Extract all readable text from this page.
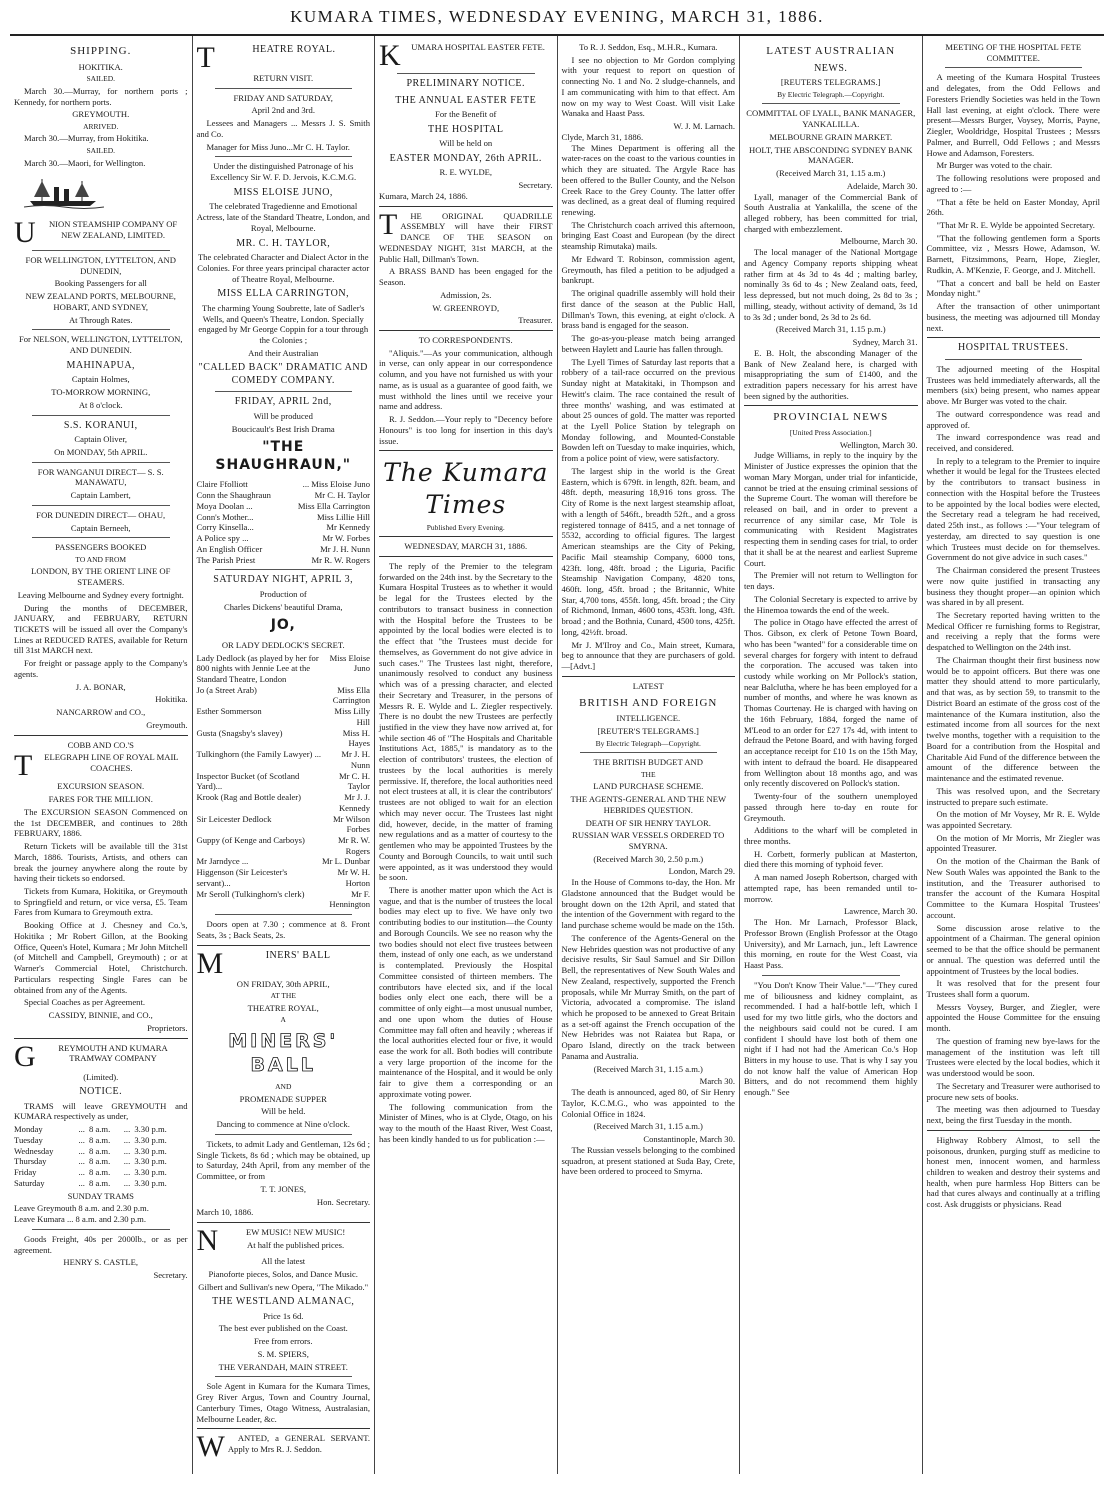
KUMARA TIMES, WEDNESDAY EVENING, MARCH 31, 1886.
SHIPPING.
HOKITIKA.
SAILED.

March 30.—Murray, for northern ports ; Kennedy, for northern ports.

GREYMOUTH.
ARRIVED.

March 30.—Murray, from Hokitika.

SAILED.

March 30.—Maori, for Wellington.

U	NION STEAMSHIP COMPANY OF NEW ZEALAND, LIMITED.
FOR WELLINGTON, LYTTELTON, AND DUNEDIN,
Booking Passengers for all
NEW ZEALAND PORTS, MELBOURNE, HOBART, AND SYDNEY,
At Through Rates.
For NELSON, WELLINGTON, LYTTELTON, AND DUNEDIN.
MAHINAPUA,
Captain Holmes,
TO-MORROW MORNING,
At 8 o'clock.
S.S. KORANUI,
Captain Oliver,
On MONDAY, 5th APRIL.
FOR WANGANUI DIRECT— S. S. MANAWATU,
Captain Lambert,
FOR DUNEDIN DIRECT— OHAU,
Captain Berneeh,
PASSENGERS BOOKED
TO AND FROM
LONDON, BY THE ORIENT LINE OF STEAMERS.
Leaving Melbourne and Sydney every fortnight.

During the months of DECEMBER, JANUARY, and FEBRUARY, RETURN TICKETS will be issued all over the Company's Lines at REDUCED RATES, available for Return till 31st MARCH next.

For freight or passage apply to the Company's agents.

J. A. BONAR,
Hokitika.
NANCARROW and CO.,
Greymouth.
COBB AND CO.'S
T	ELEGRAPH LINE OF ROYAL MAIL COACHES.
EXCURSION SEASON.
FARES FOR THE MILLION.

The EXCURSION SEASON Commenced on the 1st DECEMBER, and continues to 28th FEBRUARY, 1886.

Return Tickets will be available till the 31st March, 1886. Tourists, Artists, and others can break the journey anywhere along the route by having their tickets so endorsed.

Tickets from Kumara, Hokitika, or Greymouth to Springfield and return, or vice versa, £5. Team Fares from Kumara to Greymouth extra.

Booking Office at J. Chesney and Co.'s, Hokitika ; Mr Robert Gillon, at the Booking Office, Queen's Hotel, Kumara ; Mr John Mitchell (of Mitchell and Campbell, Greymouth) ; or at Warner's Commercial Hotel, Christchurch. Particulars respecting Single Fares can be obtained from any of the Agents.

Special Coaches as per Agreement.

CASSIDY, BINNIE, and CO.,
Proprietors.
G	REYMOUTH AND KUMARA TRAMWAY COMPANY
(Limited).
NOTICE.

TRAMS will leave GREYMOUTH and KUMARA respectively as under,

Monday	...	8 a.m.	...	3.30 p.m.
Tuesday	...	8 a.m.	...	3.30 p.m.
Wednesday	...	8 a.m.	...	3.30 p.m.
Thursday	...	8 a.m.	...	3.30 p.m.
Friday	...	8 a.m.	...	3.30 p.m.
Saturday	...	8 a.m.	...	3.30 p.m.
SUNDAY TRAMS
Leave Greymouth 8 a.m. and 2.30 p.m.
Leave Kumara ... 8 a.m. and 2.30 p.m.

Goods Freight, 40s per 2000lb., or as per agreement.

HENRY S. CASTLE,
Secretary.
T	HEATRE ROYAL.
RETURN VISIT.
FRIDAY AND SATURDAY,
April 2nd and 3rd.

Lessees and Managers ... Messrs J. S. Smith and Co.

Manager for Miss Juno...Mr C. H. Taylor.

Under the distinguished Patronage of his Excellency Sir W. F. D. Jervois, K.C.M.G.
MISS ELOISE JUNO,
The celebrated Tragedienne and Emotional Actress, late of the Standard Theatre, London, and Royal, Melbourne.
MR. C. H. TAYLOR,
The celebrated Character and Dialect Actor in the Colonies. For three years principal character actor of Theatre Royal, Melbourne.
MISS ELLA CARRINGTON,
The charming Young Soubrette, late of Sadler's Wells, and Queen's Theatre, London. Specially engaged by Mr George Coppin for a tour through the Colonies ;
And their Australian
"CALLED BACK" DRAMATIC AND COMEDY COMPANY.
FRIDAY, APRIL 2nd,
Will be produced
Boucicault's Best Irish Drama
"THE SHAUGHRAUN,"
Claire Ffolliott	... Miss Eloise Juno
Conn the Shaughraun	Mr C. H. Taylor
Moya Doolan ...	Miss Ella Carrington
Conn's Mother...	Miss Lillie Hill
Corry Kinsella...	Mr Kennedy
A Police spy ...	Mr W. Forbes
An English Officer	Mr J. H. Nunn
The Parish Priest	Mr R. W. Rogers
SATURDAY NIGHT, APRIL 3,
Production of
Charles Dickens' beautiful Drama,
JO,
OR LADY DEDLOCK'S SECRET.
Lady Dedlock (as played by her for 800 nights with Jennie Lee at the Standard Theatre, London	Miss Eloise Juno
Jo (a Street Arab)	Miss Ella Carrington
Esther Sommerson	Miss Lilly Hill
Gusta (Snagsby's slavey)	Miss H. Hayes
Tulkinghorn (the Family Lawyer) ...	Mr J. H. Nunn
Inspector Bucket (of Scotland Yard)...	Mr C. H. Taylor
Krook (Rag and Bottle dealer)	Mr J. J. Kennedy
Sir Leicester Dedlock	Mr Wilson Forbes
Guppy (of Kenge and Carboys)	Mr R. W. Rogers
Mr Jarndyce ...	Mr L. Dunbar
Higgenson (Sir Leicester's servant)...	Mr W. H. Horton
Mr Seroll (Tulkinghorn's clerk)	Mr F. Hennington

Doors open at 7.30 ; commence at 8. Front Seats, 3s ; Back Seats, 2s.

M	INERS' BALL
ON FRIDAY, 30th APRIL,
AT THE
THEATRE ROYAL,
A
MINERS' BALL
AND
PROMENADE SUPPER
Will be held.
Dancing to commence at Nine o'clock.

Tickets, to admit Lady and Gentleman, 12s 6d ; Single Tickets, 8s 6d ; which may be obtained, up to Saturday, 24th April, from any member of the Committee, or from

T. T. JONES,
Hon. Secretary.
March 10, 1886.
N	EW MUSIC! NEW MUSIC!
At half the published prices.
All the latest
Pianoforte pieces, Solos, and Dance Music.
Gilbert and Sullivan's new Opera, "The Mikado."
THE WESTLAND ALMANAC,
Price 1s 6d.
The best ever published on the Coast.
Free from errors.
S. M. SPIERS,
THE VERANDAH, MAIN STREET.

Sole Agent in Kumara for the Kumara Times, Grey River Argus, Town and Country Journal, Canterbury Times, Otago Witness, Australasian, Melbourne Leader, &c.

W	ANTED, a GENERAL SERVANT. Apply to Mrs R. J. Seddon.

K	UMARA HOSPITAL EASTER FETE.
PRELIMINARY NOTICE.
THE ANNUAL EASTER FETE
For the Benefit of
THE HOSPITAL
Will be held on
EASTER MONDAY, 26th APRIL.
R. E. WYLDE,
Secretary.
Kumara, March 24, 1886.
T	HE ORIGINAL QUADRILLE ASSEMBLY will have their FIRST DANCE OF THE SEASON on WEDNESDAY NIGHT, 31st MARCH, at the Public Hall, Dillman's Town.

A BRASS BAND has been engaged for the Season.

Admission, 2s.
W. GREENROYD,
Treasurer.
TO CORRESPONDENTS.

"Aliquis."—As your communication, although in verse, can only appear in our correspondence column, and you have not furnished us with your name, as is usual as a guarantee of good faith, we must withhold the lines until we receive your name and address.

R. J. Seddon.—Your reply to "Decency before Honours" is too long for insertion in this day's issue.

The Kumara Times
Published Every Evening.
WEDNESDAY, MARCH 31, 1886.

The reply of the Premier to the telegram forwarded on the 24th inst. by the Secretary to the Kumara Hospital Trustees as to whether it would be legal for the Trustees elected by the contributors to transact business in connection with the Hospital before the Trustees to be appointed by the local bodies were elected is to the effect that "the Trustees must decide for themselves, as Government do not give advice in such cases." The Trustees last night, therefore, unanimously resolved to conduct any business which was of a pressing character, and elected their Secretary and Treasurer, in the persons of Messrs R. E. Wylde and L. Ziegler respectively. There is no doubt the new Trustees are perfectly justified in the view they have now arrived at, for while section 46 of "The Hospitals and Charitable Institutions Act, 1885," is mandatory as to the election of contributors' trustees, the election of trustees by the local authorities is merely permissive. If, therefore, the local authorities need not elect trustees at all, it is clear the contributors' trustees are not obliged to wait for an election which may never occur. The Trustees last night did, however, decide, in the matter of framing new regulations and as a matter of courtesy to the gentlemen who may be appointed Trustees by the County and Borough Councils, to wait until such were appointed, as it was understood they would be soon.

There is another matter upon which the Act is vague, and that is the number of trustees the local bodies may elect up to five. We have only two contributing bodies to our institution—the County and Borough Councils. We see no reason why the two bodies should not elect five trustees between them, instead of only one each, as we understand is contemplated. Previously the Hospital Committee consisted of thirteen members. The contributors have elected six, and if the local bodies only elect one each, there will be a committee of only eight—a most unusual number, and one upon whom the duties of House Committee may fall often and heavily ; whereas if the local authorities elected four or five, it would ease the work for all. Both bodies will contribute a very large proportion of the income for the maintenance of the Hospital, and it would be only fair to give them a corresponding or an approximate voting power.

The following communication from the Minister of Mines, who is at Clyde, Otago, on his way to the mouth of the Haast River, West Coast, has been kindly handed to us for publication :—

To R. J. Seddon, Esq., M.H.R., Kumara.

I see no objection to Mr Gordon complying with your request to report on question of connecting No. 1 and No. 2 sludge-channels, and I am communicating with him to that effect. Am now on my way to West Coast. Will visit Lake Wanaka and Haast Pass.

W. J. M. Larnach.
Clyde, March 31, 1886.

The Mines Department is offering all the water-races on the coast to the various counties in which they are situated. The Argyle Race has been offered to the Buller County, and the Nelson Creek Race to the Grey County. The latter offer was declined, as a great deal of fluming required renewing.

The Christchurch coach arrived this afternoon, bringing East Coast and European (by the direct steamship Rimutaka) mails.

Mr Edward T. Robinson, commission agent, Greymouth, has filed a petition to be adjudged a bankrupt.

The original quadrille assembly will hold their first dance of the season at the Public Hall, Dillman's Town, this evening, at eight o'clock. A brass band is engaged for the season.

The go-as-you-please match being arranged between Haylett and Laurie has fallen through.

The Lyell Times of Saturday last reports that a robbery of a tail-race occurred on the previous Sunday night at Matakitaki, in Thompson and Hewitt's claim. The race contained the result of three months' washing, and was estimated at about 25 ounces of gold. The matter was reported at the Lyell Police Station by telegraph on Monday following, and Mounted-Constable Bowden left on Tuesday to make inquiries, which, from a police point of view, were satisfactory.

The largest ship in the world is the Great Eastern, which is 679ft. in length, 82ft. beam, and 48ft. depth, measuring 18,916 tons gross. The City of Rome is the next largest steamship afloat, with a length of 546ft., breadth 52ft., and a gross registered tonnage of 8415, and a net tonnage of 5532, according to official figures. The largest American steamships are the City of Peking, Pacific Mail steamship Company, 6000 tons, 423ft. long, 48ft. broad ; the Liguria, Pacific Steamship Navigation Company, 4820 tons, 460ft. long, 45ft. broad ; the Britannic, White Star, 4,700 tons, 455ft. long, 45ft. broad ; the City of Richmond, Inman, 4600 tons, 453ft. long, 43ft. broad ; and the Bothnia, Cunard, 4500 tons, 425ft. long, 42½ft. broad.

Mr J. M'Ilroy and Co., Main street, Kumara, beg to announce that they are purchasers of gold.—[Advt.]

LATEST
BRITISH AND FOREIGN
INTELLIGENCE.
[REUTER'S TELEGRAMS.]
By Electric Telegraph—Copyright.
THE BRITISH BUDGET AND
THE
LAND PURCHASE SCHEME.
THE AGENTS-GENERAL AND THE NEW HEBRIDES QUESTION.
DEATH OF SIR HENRY TAYLOR.
RUSSIAN WAR VESSELS ORDERED TO SMYRNA.
(Received March 30, 2.50 p.m.)
London, March 29.

In the House of Commons to-day, the Hon. Mr Gladstone announced that the Budget would be brought down on the 12th April, and stated that the intention of the Government with regard to the land purchase scheme would be made on the 15th.

The conference of the Agents-General on the New Hebrides question was not productive of any decisive results, Sir Saul Samuel and Sir Dillon Bell, the representatives of New South Wales and New Zealand, respectively, supported the French proposals, while Mr Murray Smith, on the part of Victoria, advocated a compromise. The island which he proposed to be annexed to Great Britain as a set-off against the French occupation of the New Hebrides was not Raiatea but Rapa, or Oparo Island, directly on the track between Panama and Australia.

(Received March 31, 1.15 a.m.)
March 30.

The death is announced, aged 80, of Sir Henry Taylor, K.C.M.G., who was appointed to the Colonial Office in 1824.

(Received March 31, 1.15 a.m.)
Constantinople, March 30.

The Russian vessels belonging to the combined squadron, at present stationed at Suda Bay, Crete, have been ordered to proceed to Smyrna.

LATEST AUSTRALIAN
NEWS.
[REUTERS TELEGRAMS.]
By Electric Telegraph.—Copyright.
COMMITTAL OF LYALL, BANK MANAGER, YANKALILLA.
MELBOURNE GRAIN MARKET.
HOLT, THE ABSCONDING SYDNEY BANK MANAGER.
(Received March 31, 1.15 a.m.)
Adelaide, March 30.

Lyall, manager of the Commercial Bank of South Australia at Yankalilla, the scene of the alleged robbery, has been committed for trial, charged with embezzlement.

Melbourne, March 30.

The local manager of the National Mortgage and Agency Company reports shipping wheat rather firm at 4s 3d to 4s 4d ; malting barley, nominally 3s 6d to 4s ; New Zealand oats, feed, less depressed, but not much doing, 2s 8d to 3s ; milling, steady, without activity of demand, 3s 1d to 3s 3d ; under bond, 2s 3d to 2s 6d.

(Received March 31, 1.15 p.m.)
Sydney, March 31.

E. B. Holt, the absconding Manager of the Bank of New Zealand here, is charged with misappropriating the sum of £1400, and the extradition papers necessary for his arrest have been signed by the authorities.

PROVINCIAL NEWS
[United Press Association.]
Wellington, March 30.

Judge Williams, in reply to the inquiry by the Minister of Justice expresses the opinion that the woman Mary Morgan, under trial for infanticide, cannot be tried at the ensuing criminal sessions of the Supreme Court. The woman will therefore be released on bail, and in order to prevent a recurrence of any similar case, Mr Tole is communicating with Resident Magistrates respecting them in sending cases for trial, to order that it shall be at the nearest and earliest Supreme Court.

The Premier will not return to Wellington for ten days.

The Colonial Secretary is expected to arrive by the Hinemoa towards the end of the week.

The police in Otago have effected the arrest of Thos. Gibson, ex clerk of Petone Town Board, who has been "wanted" for a considerable time on several charges for forgery with intent to defraud the corporation. The accused was taken into custody while working on Mr Pollock's station, near Balclutha, where he has been employed for a number of months, and where he was known as Thomas Courtenay. He is charged with having on the 16th February, 1884, forged the name of M'Leod to an order for £27 17s 4d, with intent to defraud the Petone Board, and with having forged an acceptance receipt for £10 1s on the 15th May, with intent to defraud the board. He disappeared from Wellington about 18 months ago, and was only recently discovered on Pollock's station.

Twenty-four of the southern unemployed passed through here to-day en route for Greymouth.

Additions to the wharf will be completed in three months.

H. Corbett, formerly publican at Masterton, died there this morning of typhoid fever.

A man named Joseph Robertson, charged with attempted rape, has been remanded until to-morrow.

Lawrence, March 30.

The Hon. Mr Larnach, Professor Black, Professor Brown (English Professor at the Otago University), and Mr Larnach, jun., left Lawrence this morning, en route for the West Coast, via Haast Pass.

"You Don't Know Their Value."—"They cured me of biliousness and kidney complaint, as recommended. I had a half-bottle left, which I used for my two little girls, who the doctors and the neighbours said could not be cured. I am confident I should have lost both of them one night if I had not had the American Co.'s Hop Bitters in my house to use. That is why I say you do not know half the value of American Hop Bitters, and do not recommend them highly enough." See

MEETING OF THE HOSPITAL FETE COMMITTEE.

A meeting of the Kumara Hospital Trustees and delegates, from the Odd Fellows and Foresters Friendly Societies was held in the Town Hall last evening, at eight o'clock. There were present—Messrs Burger, Voysey, Morris, Payne, Ziegler, Wooldridge, Hospital Trustees ; Messrs Palmer, and Burrell, Odd Fellows ; and Messrs Howe and Adamson, Foresters.

Mr Burger was voted to the chair.

The following resolutions were proposed and agreed to :—

"That a fête be held on Easter Monday, April 26th.

"That Mr R. E. Wylde be appointed Secretary.

"That the following gentlemen form a Sports Committee, viz , Messrs Howe, Adamson, W. Barnett, Fitzsimmons, Pearn, Hope, Ziegler, Rudkin, A. M'Kenzie, F. George, and J. Mitchell.

"That a concert and ball be held on Easter Monday night."

After the transaction of other unimportant business, the meeting was adjourned till Monday next.

HOSPITAL TRUSTEES.

The adjourned meeting of the Hospital Trustees was held immediately afterwards, all the members (six) being present, who names appear above. Mr Burger was voted to the chair.

The outward correspondence was read and approved of.

The inward correspondence was read and received, and considered.

In reply to a telegram to the Premier to inquire whether it would be legal for the Trustees elected by the contributors to transact business in connection with the Hospital before the Trustees to be appointed by the local bodies were elected, the Secretary read a telegram he had received, dated 25th inst., as follows :—"Your telegram of yesterday, am directed to say question is one which Trustees must decide on for themselves. Government do not give advice in such cases."

The Chairman considered the present Trustees were now quite justified in transacting any business they thought proper—an opinion which was shared in by all present.

The Secretary reported having written to the Medical Officer re furnishing forms to Registrar, and receiving a reply that the forms were despatched to Wellington on the 24th inst.

The Chairman thought their first business now would be to appoint officers. But there was one matter they should attend to more particularly, and that was, as by section 59, to transmit to the District Board an estimate of the gross cost of the maintenance of the Kumara institution, also the estimated income from all sources for the next twelve months, together with a requisition to the Board for a contribution from the Hospital and Charitable Aid Fund of the difference between the amount of the difference between the maintenance and the estimated revenue.

This was resolved upon, and the Secretary instructed to prepare such estimate.

On the motion of Mr Voysey, Mr R. E. Wylde was appointed Secretary.

On the motion of Mr Morris, Mr Ziegler was appointed Treasurer.

On the motion of the Chairman the Bank of New South Wales was appointed the Bank to the institution, and the Treasurer authorised to transfer the account of the Kumara Hospital Committee to the Kumara Hospital Trustees' account.

Some discussion arose relative to the appointment of a Chairman. The general opinion seemed to be that the office should be permanent or annual. The question was deferred until the appointment of Trustees by the local bodies.

It was resolved that for the present four Trustees shall form a quorum.

Messrs Voysey, Burger, and Ziegler, were appointed the House Committee for the ensuing month.

The question of framing new bye-laws for the management of the institution was left till Trustees were elected by the local bodies, which it was understood would be soon.

The Secretary and Treasurer were authorised to procure new sets of books.

The meeting was then adjourned to Tuesday next, being the first Tuesday in the month.

Highway Robbery Almost, to sell the poisonous, drunken, purging stuff as medicine to honest men, innocent women, and harmless children to weaken and destroy their systems and health, when pure harmless Hop Bitters can be had that cures always and continually at a trifling cost. Ask druggists or physicians. Read
